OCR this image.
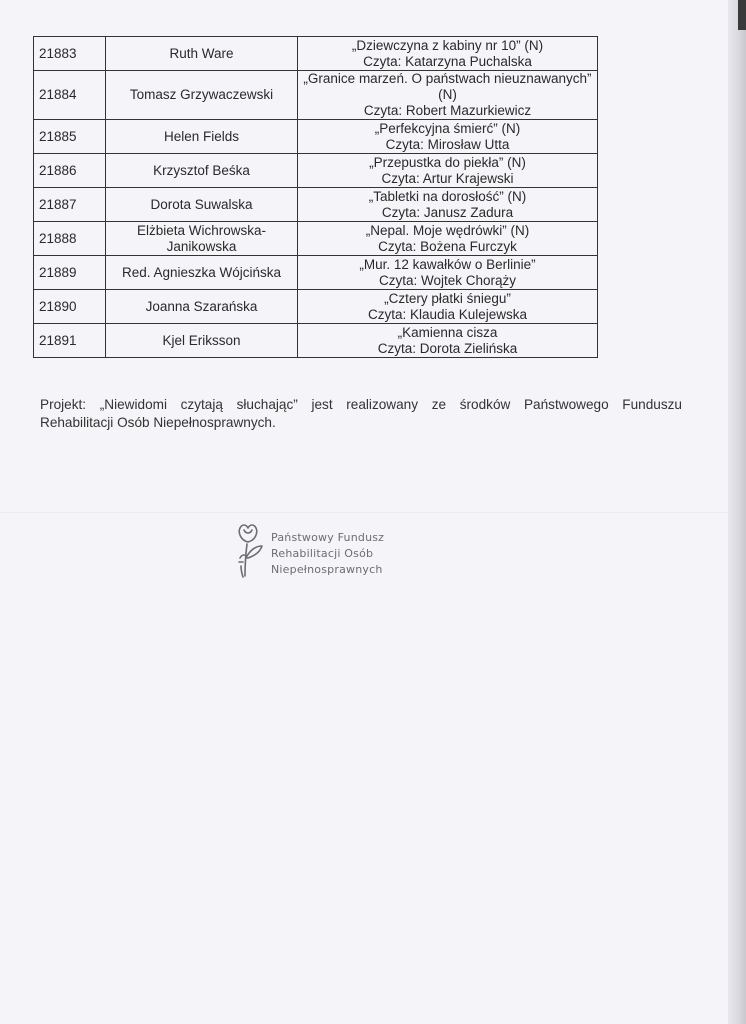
21883	Ruth Ware	„Dziewczyna z kabiny nr 10” (N)
Czyta: Katarzyna Puchalska

21884	Tomasz Grzywaczewski	„Granice marzeń. O państwach nieuznawanych” (N)
Czyta: Robert Mazurkiewicz

21885	Helen Fields	„Perfekcyjna śmierć” (N)
Czyta: Mirosław Utta

21886	Krzysztof Beśka	„Przepustka do piekła” (N)
Czyta: Artur Krajewski

21887	Dorota Suwalska	„Tabletki na dorosłość” (N)
Czyta: Janusz Zadura

21888	Elżbieta Wichrowska-Janikowska	„Nepal. Moje wędrówki” (N)
Czyta: Bożena Furczyk

21889	Red. Agnieszka Wójcińska	„Mur. 12 kawałków o Berlinie”
Czyta: Wojtek Chorąży

21890	Joanna Szarańska	„Cztery płatki śniegu”
Czyta: Klaudia Kulejewska

21891	Kjel Eriksson	„Kamienna cisza
Czyta: Dorota Zielińska
Projekt: „Niewidomi czytają słuchając” jest realizowany ze środków Państwowego Funduszu
Rehabilitacji Osób Niepełnosprawnych.
Państwowy Fundusz
Rehabilitacji Osób
Niepełnosprawnych
